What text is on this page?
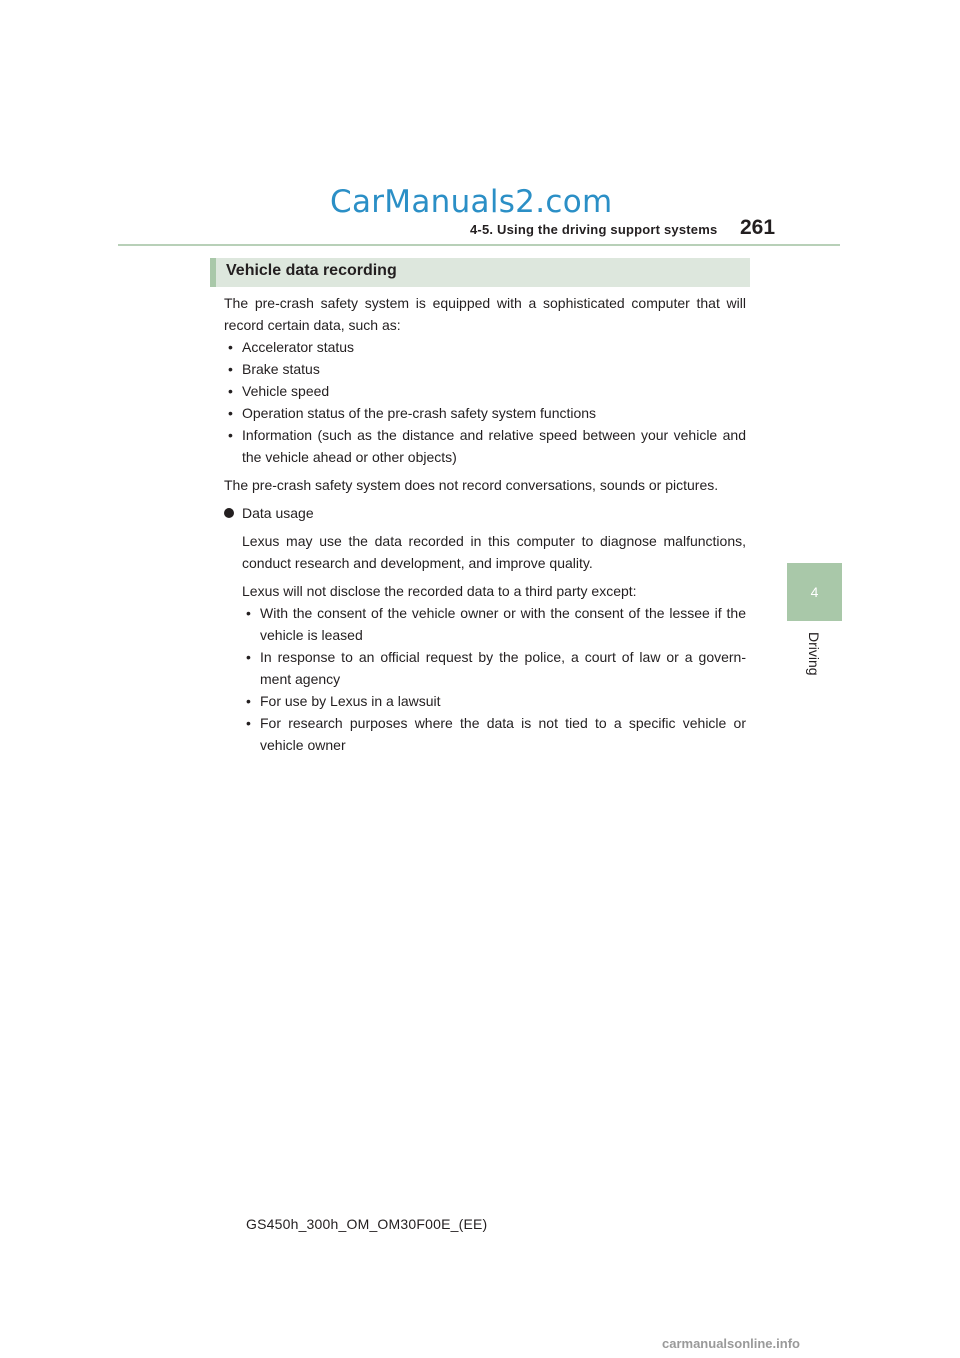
CarManuals2.com
4-5. Using the driving support systems 261
4
Driving
Vehicle data recording

The pre-crash safety system is equipped with a sophisticated computer that will record certain data, such as:

• Accelerator status
• Brake status
• Vehicle speed
• Operation status of the pre-crash safety system functions
• Information (such as the distance and relative speed between your vehicle and the vehicle ahead or other objects)

The pre-crash safety system does not record conversations, sounds or pictures.

Data usage

Lexus may use the data recorded in this computer to diagnose malfunctions, conduct research and development, and improve quality.

Lexus will not disclose the recorded data to a third party except:

• With the consent of the vehicle owner or with the consent of the lessee if the vehicle is leased
• In response to an official request by the police, a court of law or a govern-ment agency
• For use by Lexus in a lawsuit
• For research purposes where the data is not tied to a specific vehicle or vehicle owner
GS450h_300h_OM_OM30F00E_(EE)
carmanualsonline.info
